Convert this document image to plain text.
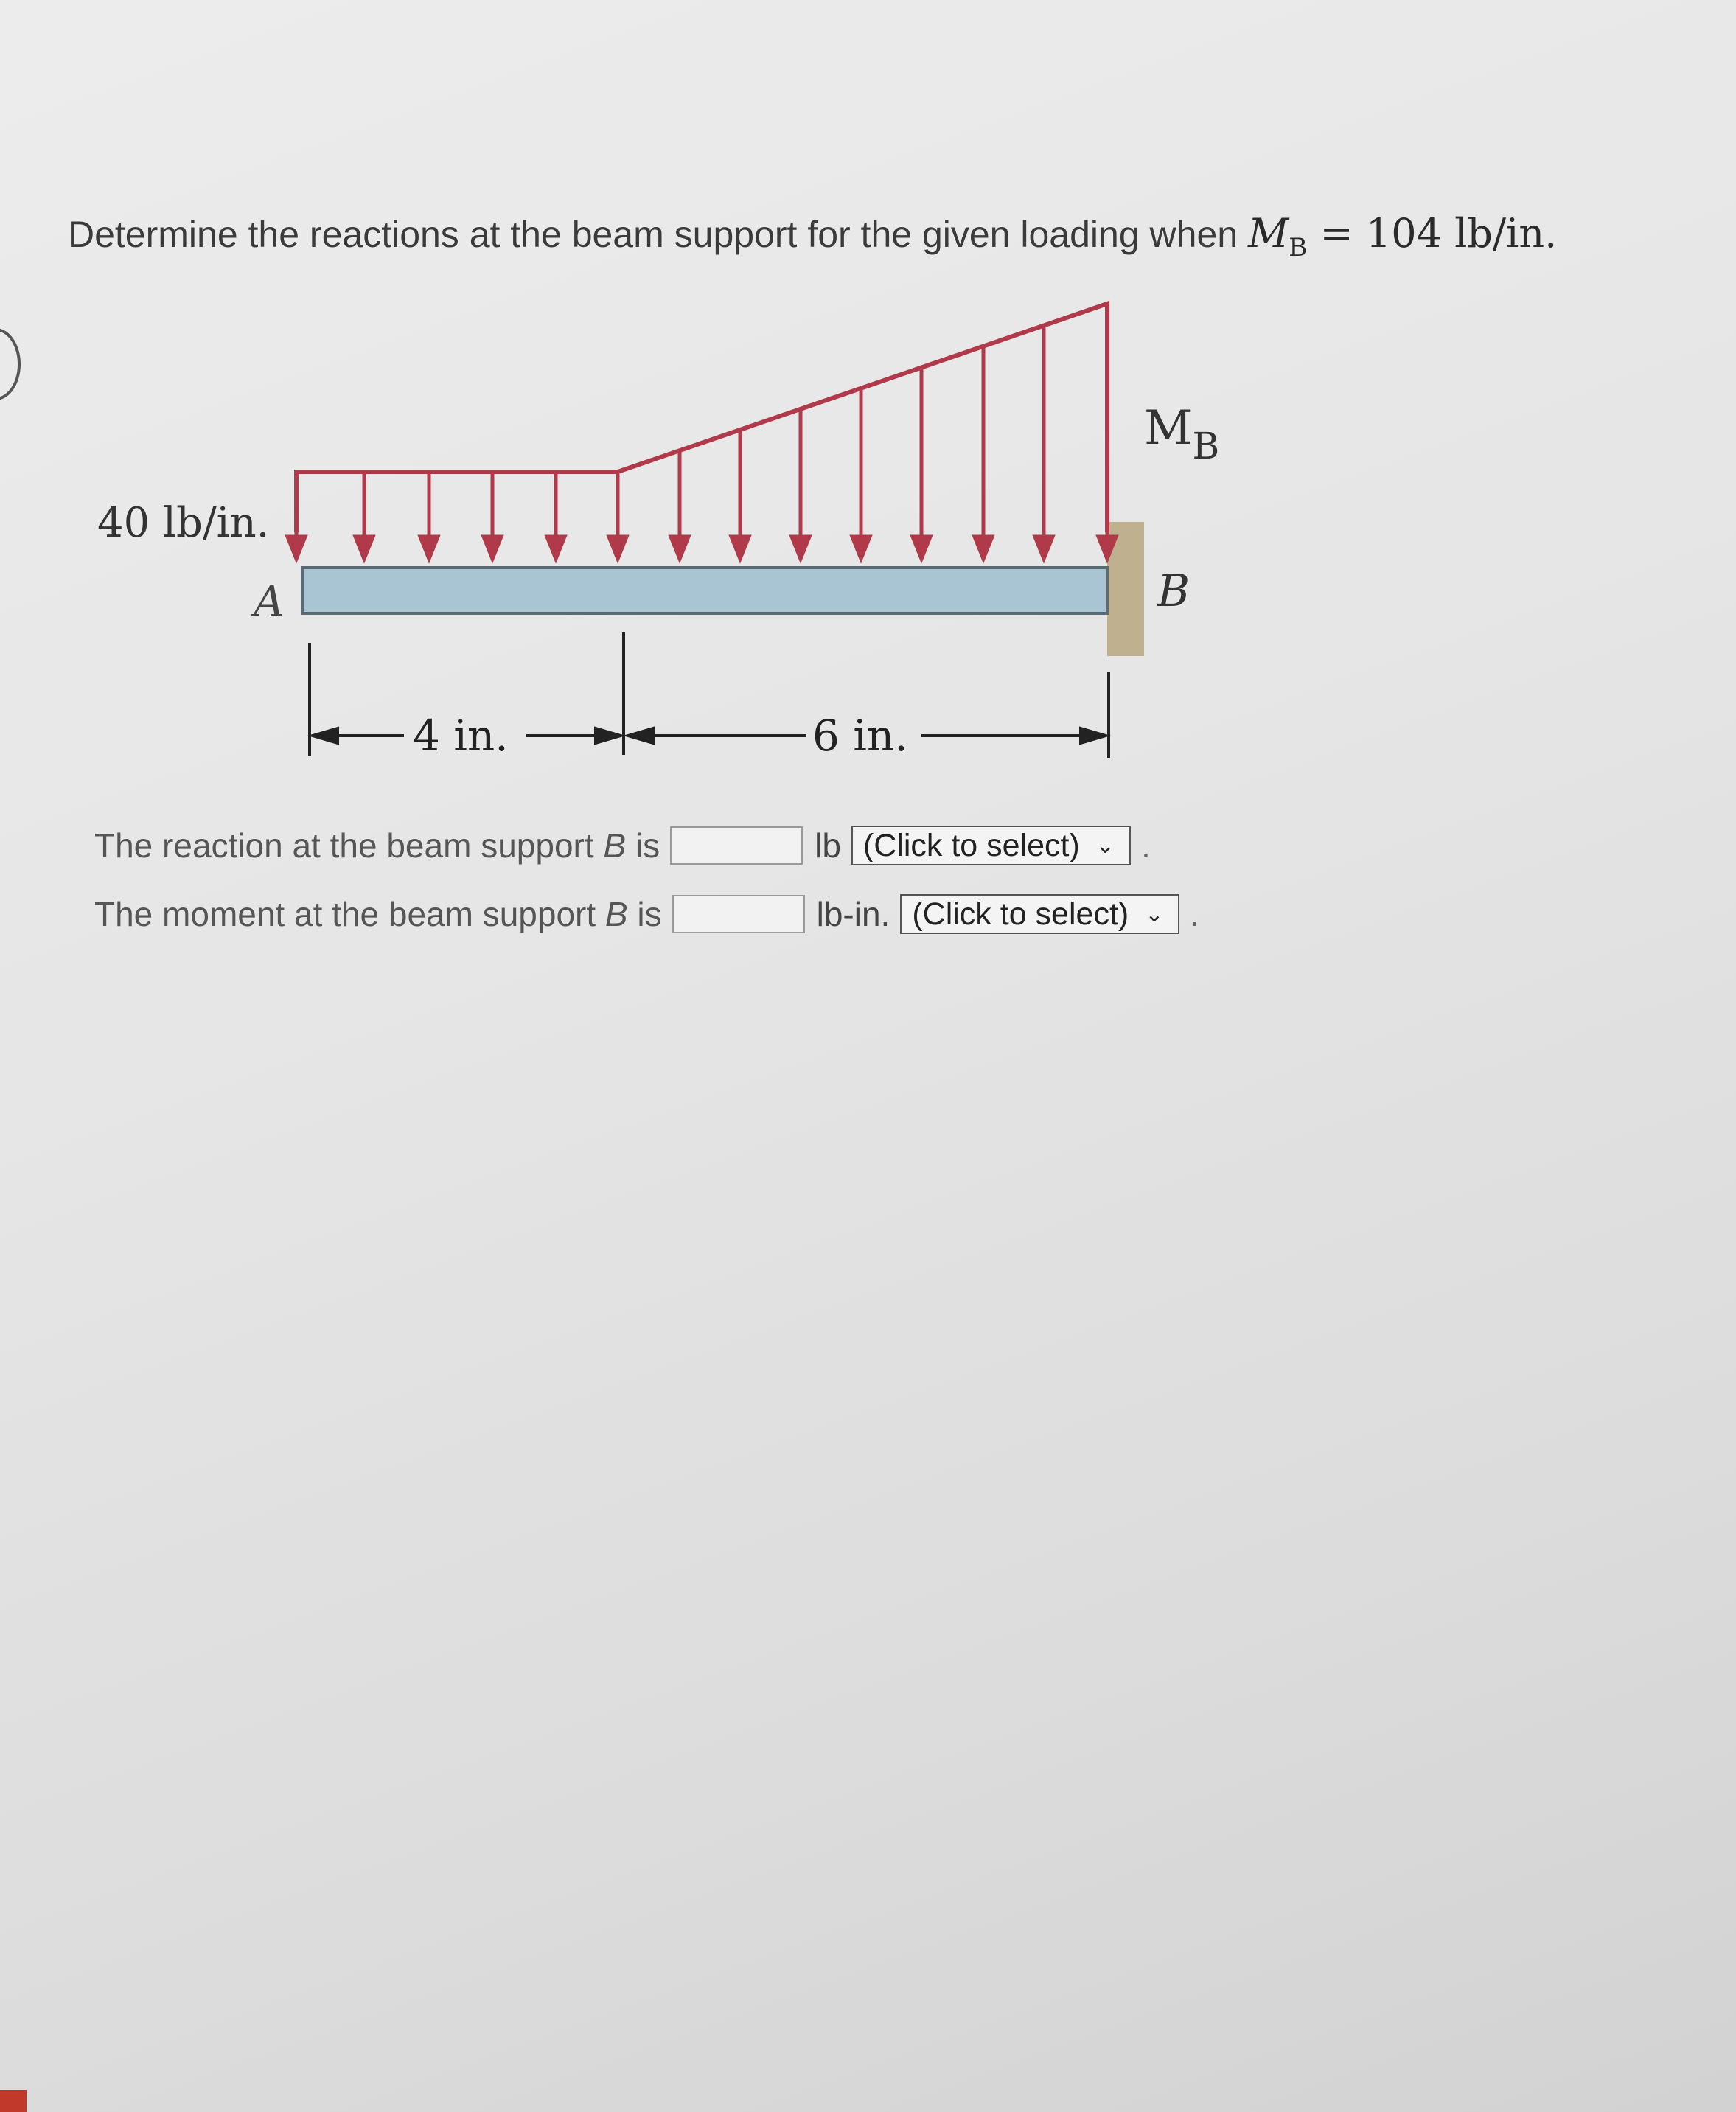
Determine the reactions at the beam support for the given loading when $M_B = 104$ lb/in.
40 lb/in.
A	B
$M_B$
4 in.	6 in.
The reaction at the beam support B is	lb (Click to select) ⌄ .
The moment at the beam support B is	lb-in. (Click to select) ⌄ .
